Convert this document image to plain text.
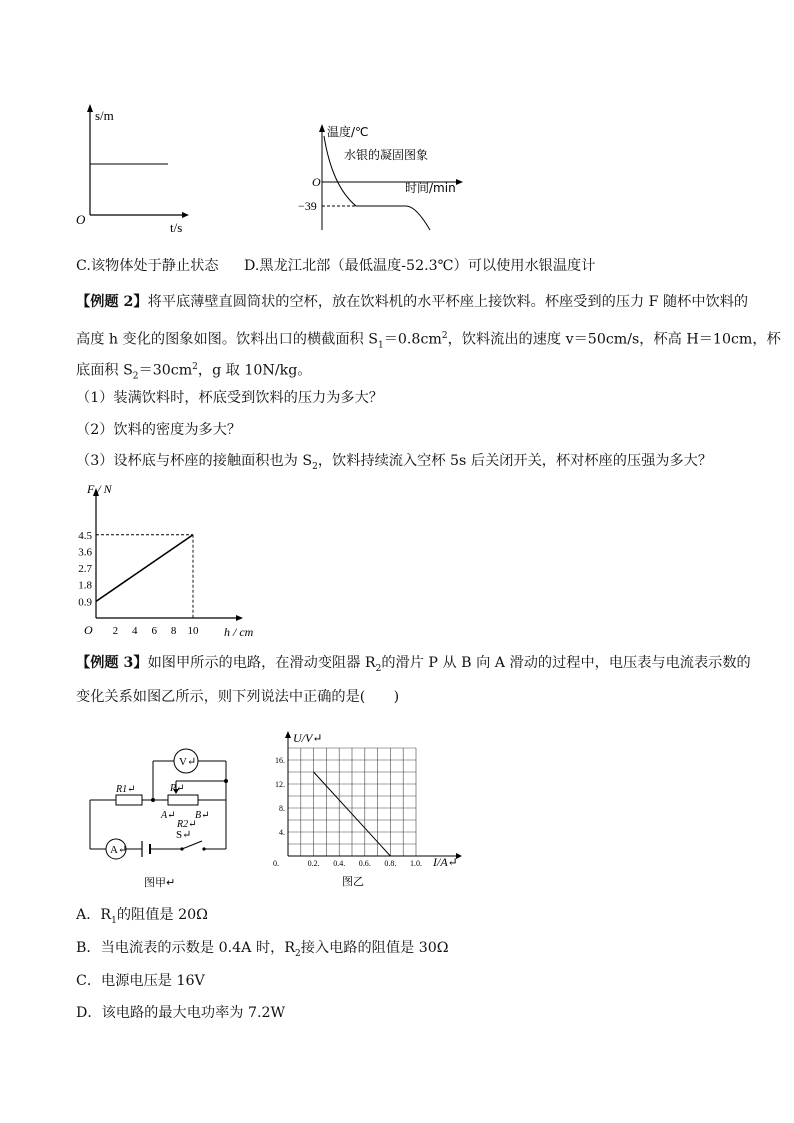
s/m
t/s
O
温度/℃
水银的凝固图象
时间/min
O
−39
C.该物体处于静止状态 D.黑龙江北部（最低温度-52.3℃）可以使用水银温度计
【例题 2】将平底薄壁直圆筒状的空杯，放在饮料机的水平杯座上接饮料。杯座受到的压力 F 随杯中饮料的
高度 h 变化的图象如图。饮料出口的横截面积 $S_1=0.8cm^2$，饮料流出的速度 v＝50cm/s，杯高 H＝10cm，杯
底面积 $S_2=30cm^2$，g 取 10N/kg。
（1）装满饮料时，杯底受到饮料的压力为多大？
（2）饮料的密度为多大？
（3）设杯底与杯座的接触面积也为 $S_2$，饮料持续流入空杯 5s 后关闭开关，杯对杯座的压强为多大？
F / N
h / cm
O
4.5
3.6
2.7
1.8
0.9
2 4 6 8 10
【例题 3】如图甲所示的电路，在滑动变阻器 $R_2$的滑片 P 从 B 向 A 滑动的过程中，电压表与电流表示数的
变化关系如图乙所示，则下列说法中正确的是(　　)
V↵
A↵
R1↵	P↵
R2↵
A↵ B↵
S↵
图甲↵
U/V↵
I/A↵
0.
16.
12.
8.
4.
0.2. 0.4. 0.6. 0.8. 1.0.
图乙
A．$R_1$的阻值是 20Ω
B．当电流表的示数是 0.4A 时，$R_2$接入电路的阻值是 30Ω
C．电源电压是 16V
D．该电路的最大电功率为 7.2W
